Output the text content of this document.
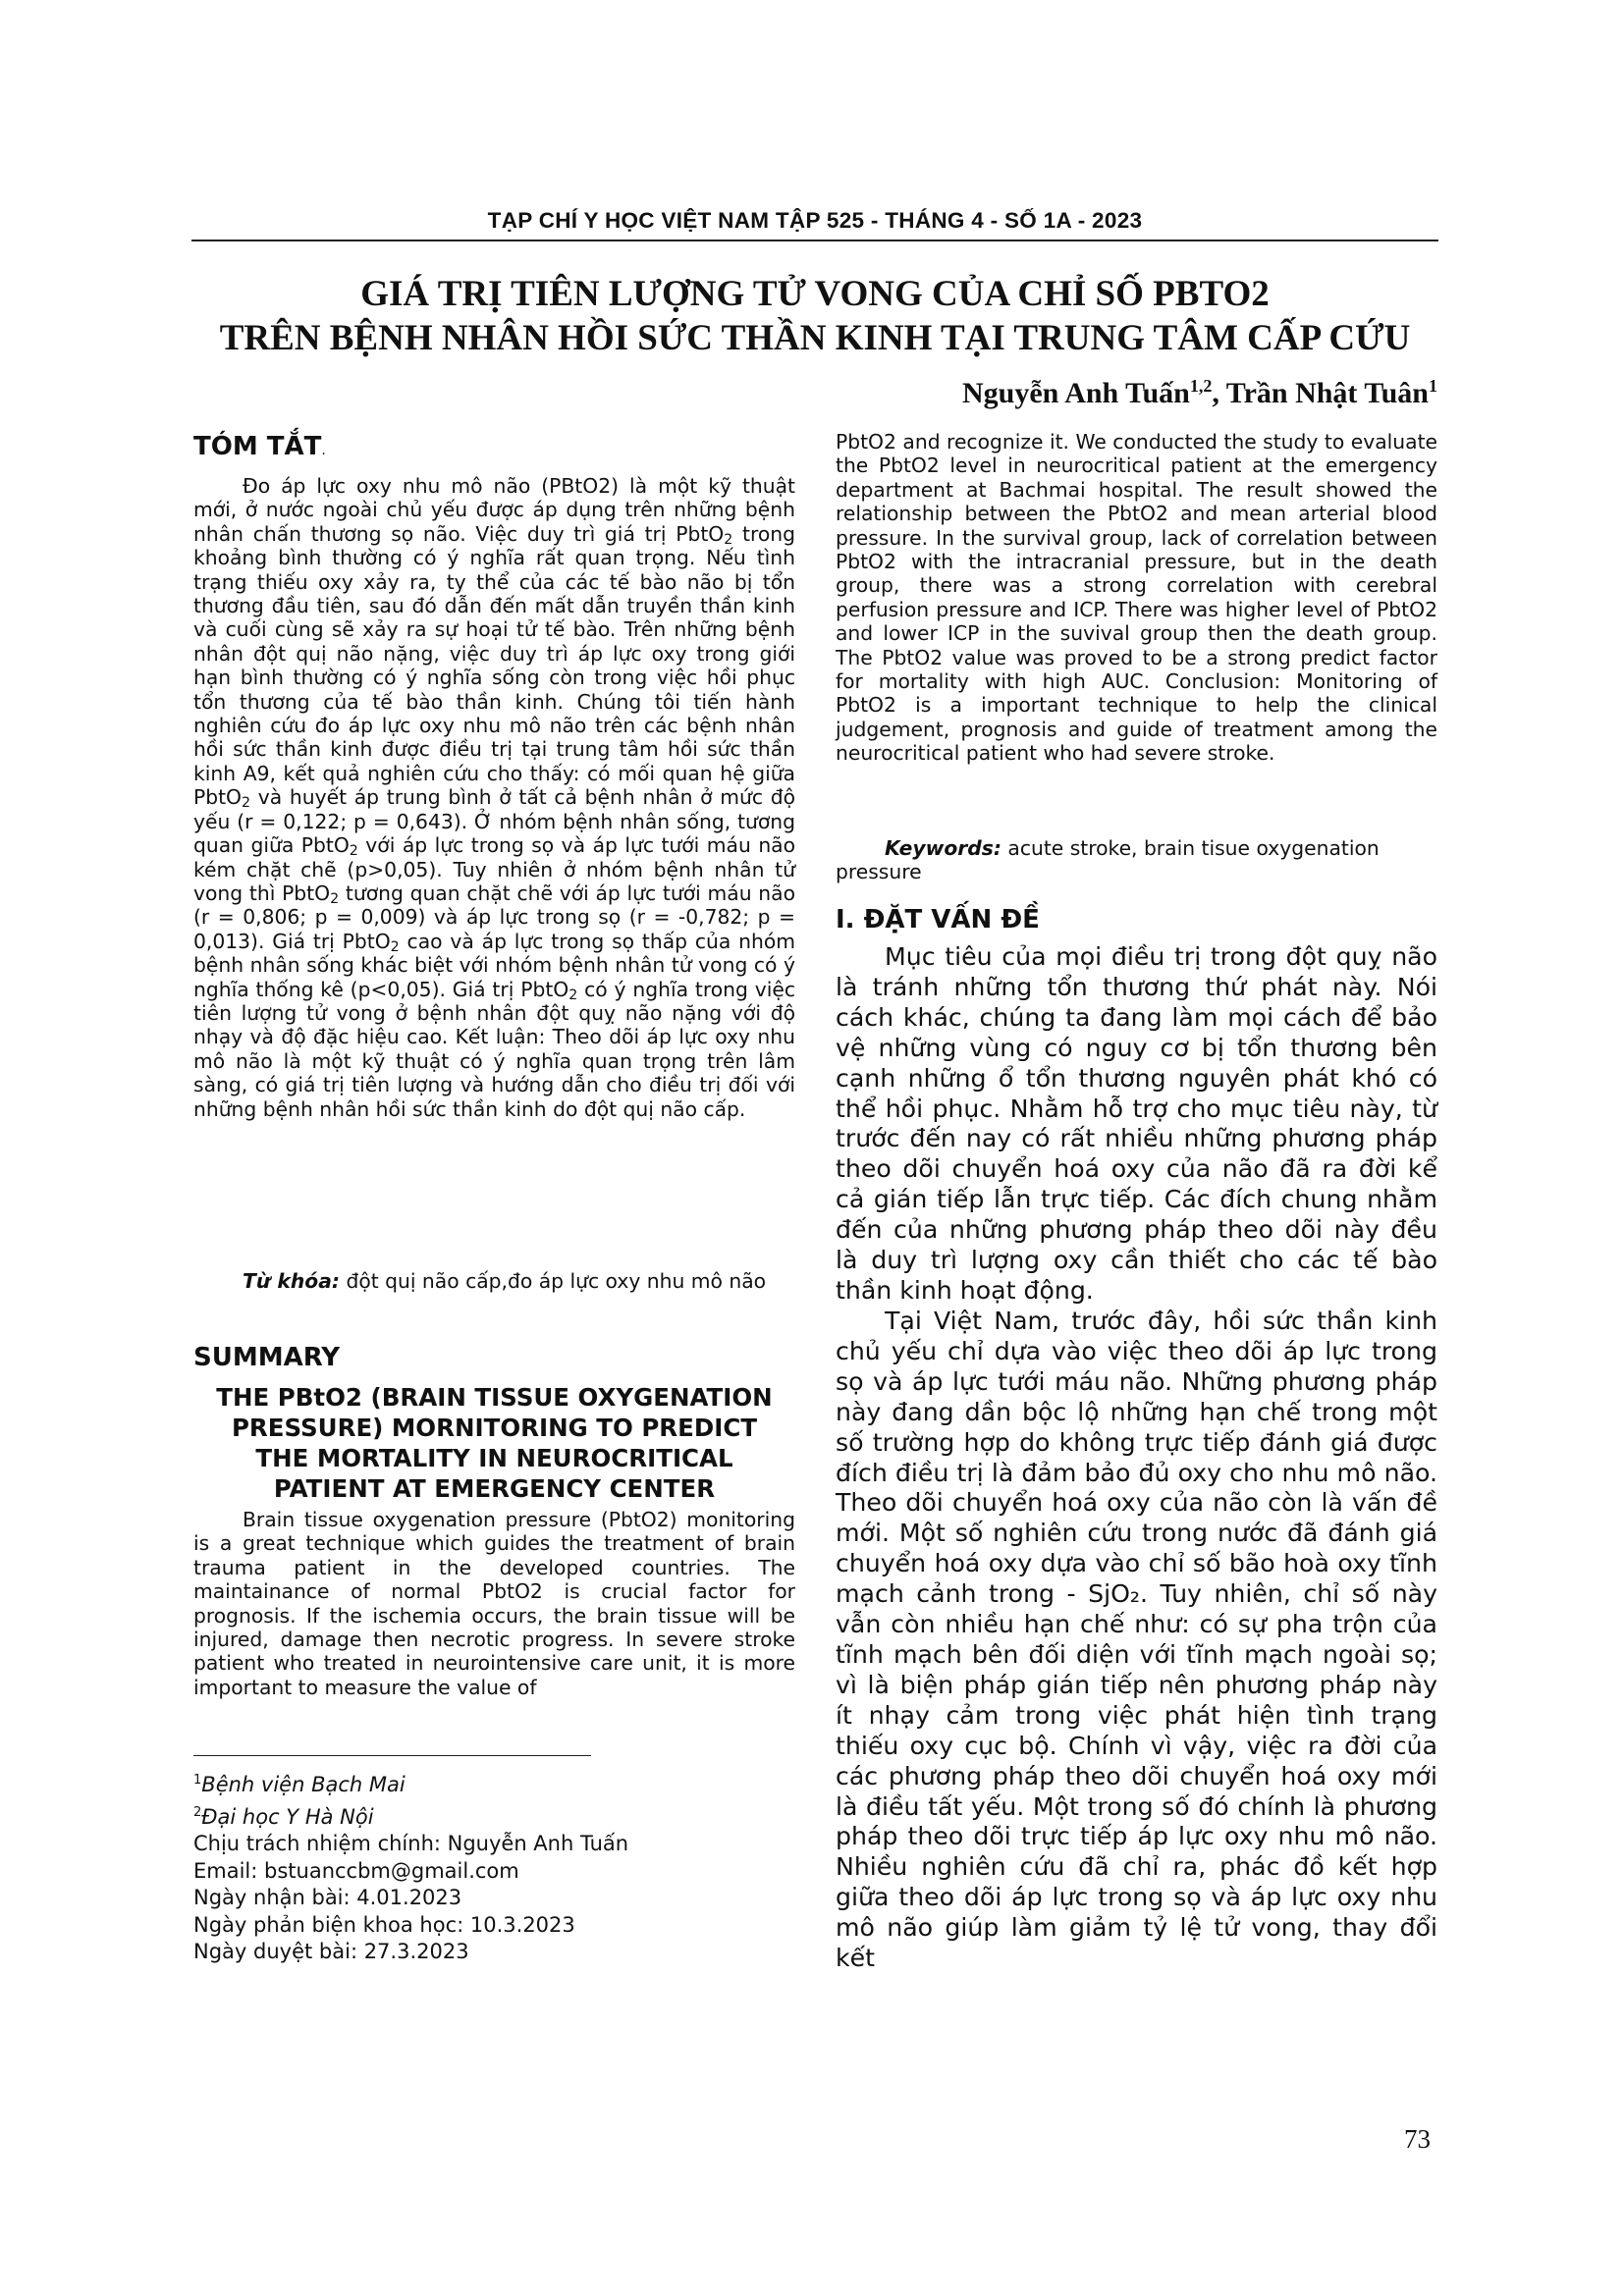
TẠP CHÍ Y HỌC VIỆT NAM TẬP 525 - THÁNG 4 - SỐ 1A - 2023
GIÁ TRỊ TIÊN LƯỢNG TỬ VONG CỦA CHỈ SỐ PBTO2
TRÊN BỆNH NHÂN HỒI SỨC THẦN KINH TẠI TRUNG TÂM CẤP CỨU
Nguyễn Anh Tuấn$^{1,2}$, Trần Nhật Tuân$^1$
TÓM TẮT.
Đo áp lực oxy nhu mô não (PBtO2) là một kỹ thuật mới, ở nước ngoài chủ yếu được áp dụng trên những bệnh nhân chấn thương sọ não. Việc duy trì giá trị PbtO$_2$ trong khoảng bình thường có ý nghĩa rất quan trọng. Nếu tình trạng thiếu oxy xảy ra, ty thể của các tế bào não bị tổn thương đầu tiên, sau đó dẫn đến mất dẫn truyền thần kinh và cuối cùng sẽ xảy ra sự hoại tử tế bào. Trên những bệnh nhân đột quị não nặng, việc duy trì áp lực oxy trong giới hạn bình thường có ý nghĩa sống còn trong việc hồi phục tổn thương của tế bào thần kinh. Chúng tôi tiến hành nghiên cứu đo áp lực oxy nhu mô não trên các bệnh nhân hồi sức thần kinh được điều trị tại trung tâm hồi sức thần kinh A9, kết quả nghiên cứu cho thấy: có mối quan hệ giữa PbtO$_2$ và huyết áp trung bình ở tất cả bệnh nhân ở mức độ yếu (r = 0,122; p = 0,643). Ở nhóm bệnh nhân sống, tương quan giữa PbtO$_2$ với áp lực trong sọ và áp lực tưới máu não kém chặt chẽ (p>0,05). Tuy nhiên ở nhóm bệnh nhân tử vong thì PbtO$_2$ tương quan chặt chẽ với áp lực tưới máu não (r = 0,806; p = 0,009) và áp lực trong sọ (r = -0,782; p = 0,013). Giá trị PbtO$_2$ cao và áp lực trong sọ thấp của nhóm bệnh nhân sống khác biệt với nhóm bệnh nhân tử vong có ý nghĩa thống kê (p<0,05). Giá trị PbtO$_2$ có ý nghĩa trong việc tiên lượng tử vong ở bệnh nhân đột quỵ não nặng với độ nhạy và độ đặc hiệu cao. Kết luận: Theo dõi áp lực oxy nhu mô não là một kỹ thuật có ý nghĩa quan trọng trên lâm sàng, có giá trị tiên lượng và hướng dẫn cho điều trị đối với những bệnh nhân hồi sức thần kinh do đột quị não cấp.
Từ khóa: đột quị não cấp,đo áp lực oxy nhu mô não
SUMMARY
THE PBtO2 (BRAIN TISSUE OXYGENATION
PRESSURE) MORNITORING TO PREDICT
THE MORTALITY IN NEUROCRITICAL
PATIENT AT EMERGENCY CENTER
Brain tissue oxygenation pressure (PbtO2) monitoring is a great technique which guides the treatment of brain trauma patient in the developed countries. The maintainance of normal PbtO2 is crucial factor for prognosis. If the ischemia occurs, the brain tissue will be injured, damage then necrotic progress. In severe stroke patient who treated in neurointensive care unit, it is more important to measure the value of
$^1$Bệnh viện Bạch Mai
$^2$Đại học Y Hà Nội
Chịu trách nhiệm chính: Nguyễn Anh Tuấn
Email: bstuanccbm@gmail.com
Ngày nhận bài: 4.01.2023
Ngày phản biện khoa học: 10.3.2023
Ngày duyệt bài: 27.3.2023
PbtO2 and recognize it. We conducted the study to evaluate the PbtO2 level in neurocritical patient at the emergency department at Bachmai hospital. The result showed the relationship between the PbtO2 and mean arterial blood pressure. In the survival group, lack of correlation between PbtO2 with the intracranial pressure, but in the death group, there was a strong correlation with cerebral perfusion pressure and ICP. There was higher level of PbtO2 and lower ICP in the suvival group then the death group. The PbtO2 value was proved to be a strong predict factor for mortality with high AUC. Conclusion: Monitoring of PbtO2 is a important technique to help the clinical judgement, prognosis and guide of treatment among the neurocritical patient who had severe stroke.
Keywords: acute stroke, brain tisue oxygenation pressure
I. ĐẶT VẤN ĐỀ
Mục tiêu của mọi điều trị trong đột quỵ não là tránh những tổn thương thứ phát này. Nói cách khác, chúng ta đang làm mọi cách để bảo vệ những vùng có nguy cơ bị tổn thương bên cạnh những ổ tổn thương nguyên phát khó có thể hồi phục. Nhằm hỗ trợ cho mục tiêu này, từ trước đến nay có rất nhiều những phương pháp theo dõi chuyển hoá oxy của não đã ra đời kể cả gián tiếp lẫn trực tiếp. Các đích chung nhằm đến của những phương pháp theo dõi này đều là duy trì lượng oxy cần thiết cho các tế bào thần kinh hoạt động.
Tại Việt Nam, trước đây, hồi sức thần kinh chủ yếu chỉ dựa vào việc theo dõi áp lực trong sọ và áp lực tưới máu não. Những phương pháp này đang dần bộc lộ những hạn chế trong một số trường hợp do không trực tiếp đánh giá được đích điều trị là đảm bảo đủ oxy cho nhu mô não. Theo dõi chuyển hoá oxy của não còn là vấn đề mới. Một số nghiên cứu trong nước đã đánh giá chuyển hoá oxy dựa vào chỉ số bão hoà oxy tĩnh mạch cảnh trong - SjO₂. Tuy nhiên, chỉ số này vẫn còn nhiều hạn chế như: có sự pha trộn của tĩnh mạch bên đối diện với tĩnh mạch ngoài sọ; vì là biện pháp gián tiếp nên phương pháp này ít nhạy cảm trong việc phát hiện tình trạng thiếu oxy cục bộ. Chính vì vậy, việc ra đời của các phương pháp theo dõi chuyển hoá oxy mới là điều tất yếu. Một trong số đó chính là phương pháp theo dõi trực tiếp áp lực oxy nhu mô não. Nhiều nghiên cứu đã chỉ ra, phác đồ kết hợp giữa theo dõi áp lực trong sọ và áp lực oxy nhu mô não giúp làm giảm tỷ lệ tử vong, thay đổi kết
73
